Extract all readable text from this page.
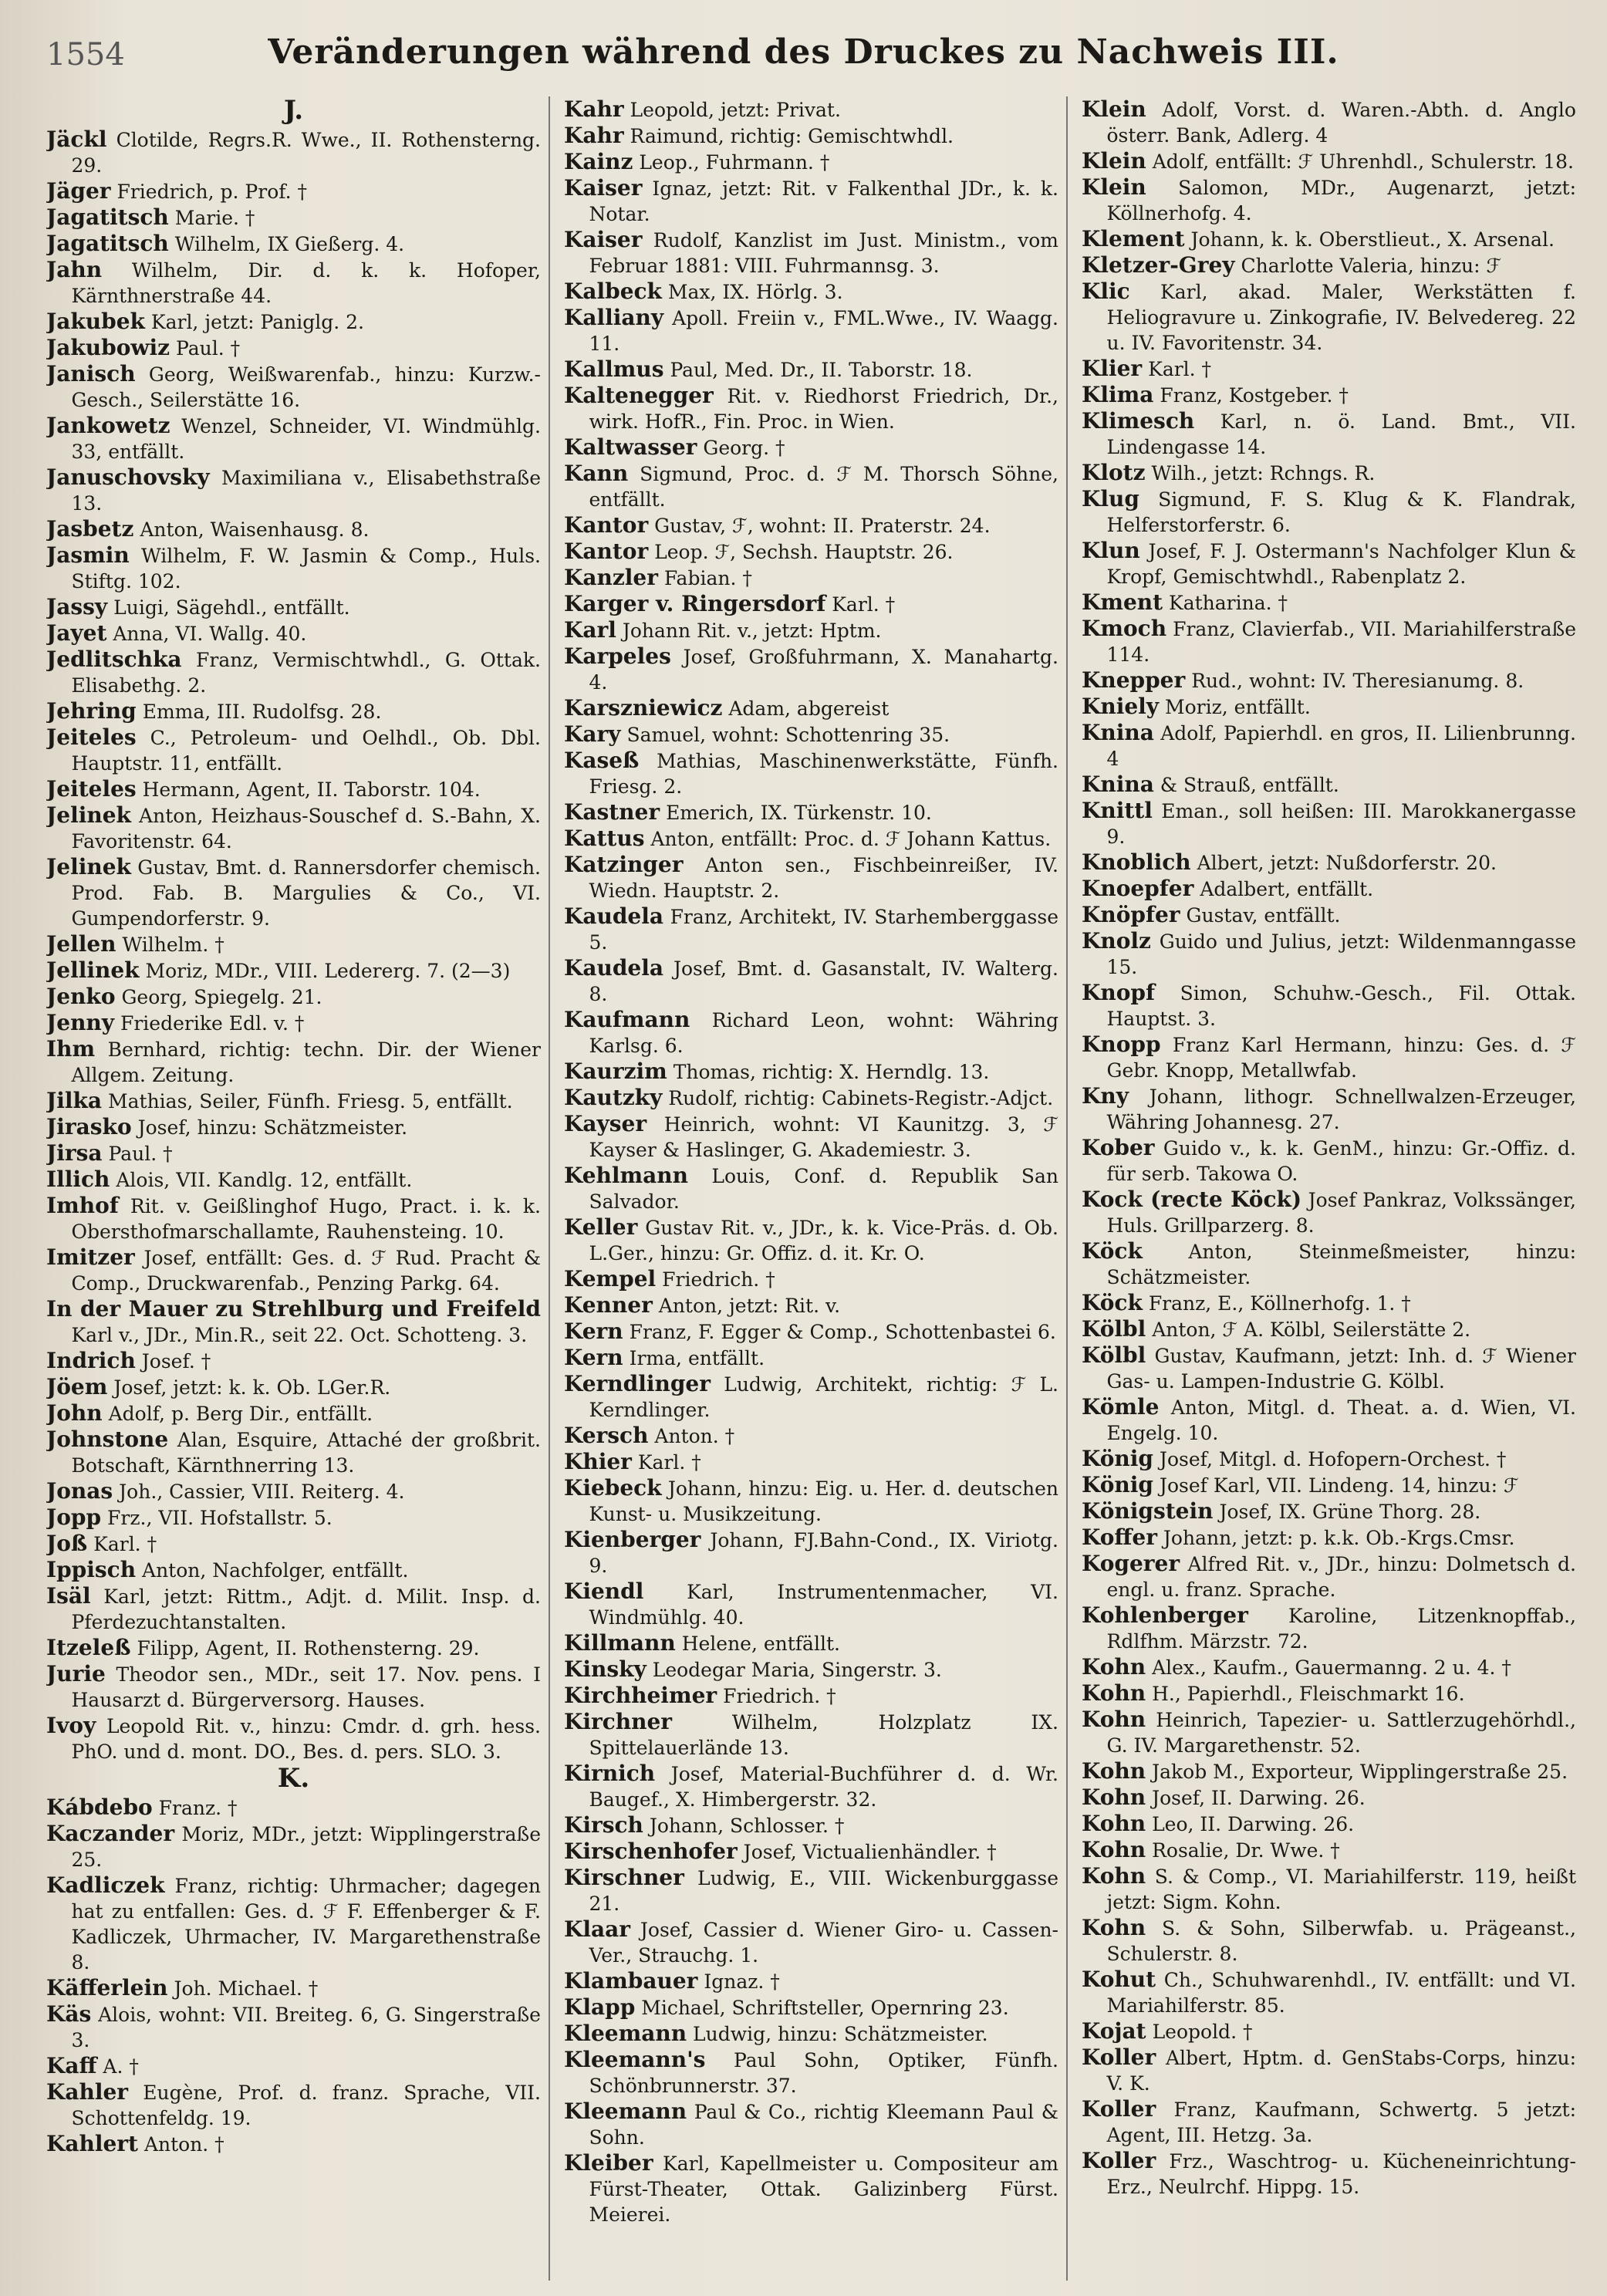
1554	Veränderungen während des Druckes zu Nachweis III.
J.
Jäckl Clotilde, Regrs.R. Wwe., II. Rothensterng. 29.
Jäger Friedrich, p. Prof. †
Jagatitsch Marie. †
Jagatitsch Wilhelm, IX Gießerg. 4.
Jahn Wilhelm, Dir. d. k. k. Hofoper, Kärnthnerstraße 44.
Jakubek Karl, jetzt: Paniglg. 2.
Jakubowiz Paul. †
Janisch Georg, Weißwarenfab., hinzu: Kurzw.-Gesch., Seilerstätte 16.
Jankowetz Wenzel, Schneider, VI. Windmühlg. 33, entfällt.
Januschovsky Maximiliana v., Elisabethstraße 13.
Jasbetz Anton, Waisenhausg. 8.
Jasmin Wilhelm, F. W. Jasmin & Comp., Huls. Stiftg. 102.
Jassy Luigi, Sägehdl., entfällt.
Jayet Anna, VI. Wallg. 40.
Jedlitschka Franz, Vermischtwhdl., G. Ottak. Elisabethg. 2.
Jehring Emma, III. Rudolfsg. 28.
Jeiteles C., Petroleum- und Oelhdl., Ob. Dbl. Hauptstr. 11, entfällt.
Jeiteles Hermann, Agent, II. Taborstr. 104.
Jelinek Anton, Heizhaus-Souschef d. S.-Bahn, X. Favoritenstr. 64.
Jelinek Gustav, Bmt. d. Rannersdorfer chemisch. Prod. Fab. B. Margulies & Co., VI. Gumpendorferstr. 9.
Jellen Wilhelm. †
Jellinek Moriz, MDr., VIII. Ledererg. 7. (2—3)
Jenko Georg, Spiegelg. 21.
Jenny Friederike Edl. v. †
Ihm Bernhard, richtig: techn. Dir. der Wiener Allgem. Zeitung.
Jilka Mathias, Seiler, Fünfh. Friesg. 5, entfällt.
Jirasko Josef, hinzu: Schätzmeister.
Jirsa Paul. †
Illich Alois, VII. Kandlg. 12, entfällt.
Imhof Rit. v. Geißlinghof Hugo, Pract. i. k. k. Obersthofmarschallamte, Rauhensteing. 10.
Imitzer Josef, entfällt: Ges. d. ℱ Rud. Pracht & Comp., Druckwarenfab., Penzing Parkg. 64.
In der Mauer zu Strehlburg und Freifeld Karl v., JDr., Min.R., seit 22. Oct. Schotteng. 3.
Indrich Josef. †
Jöem Josef, jetzt: k. k. Ob. LGer.R.
John Adolf, p. Berg Dir., entfällt.
Johnstone Alan, Esquire, Attaché der großbrit. Botschaft, Kärnthnerring 13.
Jonas Joh., Cassier, VIII. Reiterg. 4.
Jopp Frz., VII. Hofstallstr. 5.
Joß Karl. †
Ippisch Anton, Nachfolger, entfällt.
Isäl Karl, jetzt: Rittm., Adjt. d. Milit. Insp. d. Pferdezuchtanstalten.
Itzeleß Filipp, Agent, II. Rothensterng. 29.
Jurie Theodor sen., MDr., seit 17. Nov. pens. I Hausarzt d. Bürgerversorg. Hauses.
Ivoy Leopold Rit. v., hinzu: Cmdr. d. grh. hess. PhO. und d. mont. DO., Bes. d. pers. SLO. 3.
K.
Kábdebo Franz. †
Kaczander Moriz, MDr., jetzt: Wipplingerstraße 25.
Kadliczek Franz, richtig: Uhrmacher; dagegen hat zu entfallen: Ges. d. ℱ F. Effenberger & F. Kadliczek, Uhrmacher, IV. Margarethenstraße 8.
Käfferlein Joh. Michael. †
Käs Alois, wohnt: VII. Breiteg. 6, G. Singerstraße 3.
Kaff A. †
Kahler Eugène, Prof. d. franz. Sprache, VII. Schottenfeldg. 19.
Kahlert Anton. †
Kahr Leopold, jetzt: Privat.
Kahr Raimund, richtig: Gemischtwhdl.
Kainz Leop., Fuhrmann. †
Kaiser Ignaz, jetzt: Rit. v Falkenthal JDr., k. k. Notar.
Kaiser Rudolf, Kanzlist im Just. Ministm., vom Februar 1881: VIII. Fuhrmannsg. 3.
Kalbeck Max, IX. Hörlg. 3.
Kalliany Apoll. Freiin v., FML.Wwe., IV. Waagg. 11.
Kallmus Paul, Med. Dr., II. Taborstr. 18.
Kaltenegger Rit. v. Riedhorst Friedrich, Dr., wirk. HofR., Fin. Proc. in Wien.
Kaltwasser Georg. †
Kann Sigmund, Proc. d. ℱ M. Thorsch Söhne, entfällt.
Kantor Gustav, ℱ, wohnt: II. Praterstr. 24.
Kantor Leop. ℱ, Sechsh. Hauptstr. 26.
Kanzler Fabian. †
Karger v. Ringersdorf Karl. †
Karl Johann Rit. v., jetzt: Hptm.
Karpeles Josef, Großfuhrmann, X. Manahartg. 4.
Karszniewicz Adam, abgereist
Kary Samuel, wohnt: Schottenring 35.
Kaseß Mathias, Maschinenwerkstätte, Fünfh. Friesg. 2.
Kastner Emerich, IX. Türkenstr. 10.
Kattus Anton, entfällt: Proc. d. ℱ Johann Kattus.
Katzinger Anton sen., Fischbeinreißer, IV. Wiedn. Hauptstr. 2.
Kaudela Franz, Architekt, IV. Starhemberggasse 5.
Kaudela Josef, Bmt. d. Gasanstalt, IV. Walterg. 8.
Kaufmann Richard Leon, wohnt: Währing Karlsg. 6.
Kaurzim Thomas, richtig: X. Herndlg. 13.
Kautzky Rudolf, richtig: Cabinets-Registr.-Adjct.
Kayser Heinrich, wohnt: VI Kaunitzg. 3, ℱ Kayser & Haslinger, G. Akademiestr. 3.
Kehlmann Louis, Conf. d. Republik San Salvador.
Keller Gustav Rit. v., JDr., k. k. Vice-Präs. d. Ob. L.Ger., hinzu: Gr. Offiz. d. it. Kr. O.
Kempel Friedrich. †
Kenner Anton, jetzt: Rit. v.
Kern Franz, F. Egger & Comp., Schottenbastei 6.
Kern Irma, entfällt.
Kerndlinger Ludwig, Architekt, richtig: ℱ L. Kerndlinger.
Kersch Anton. †
Khier Karl. †
Kiebeck Johann, hinzu: Eig. u. Her. d. deutschen Kunst- u. Musikzeitung.
Kienberger Johann, FJ.Bahn-Cond., IX. Viriotg. 9.
Kiendl Karl, Instrumentenmacher, VI. Windmühlg. 40.
Killmann Helene, entfällt.
Kinsky Leodegar Maria, Singerstr. 3.
Kirchheimer Friedrich. †
Kirchner	Wilhelm, Holzplatz IX. Spittelauerlände 13.
Kirnich Josef, Material-Buchführer d. d. Wr. Baugef., X. Himbergerstr. 32.
Kirsch Johann, Schlosser. †
Kirschenhofer Josef, Victualienhändler. †
Kirschner Ludwig, E., VIII. Wickenburggasse 21.
Klaar Josef, Cassier d. Wiener Giro- u. Cassen-Ver., Strauchg. 1.
Klambauer Ignaz. †
Klapp Michael, Schriftsteller, Opernring 23.
Kleemann Ludwig, hinzu: Schätzmeister.
Kleemann's Paul Sohn, Optiker, Fünfh. Schönbrunnerstr. 37.
Kleemann Paul & Co., richtig Kleemann Paul & Sohn.
Kleiber Karl, Kapellmeister u. Compositeur am Fürst-Theater, Ottak. Galizinberg Fürst. Meierei.
Klein Adolf, Vorst. d. Waren.-Abth. d. Anglo österr. Bank, Adlerg. 4
Klein Adolf, entfällt: ℱ Uhrenhdl., Schulerstr. 18.
Klein Salomon, MDr., Augenarzt, jetzt: Köllnerhofg. 4.
Klement Johann, k. k. Oberstlieut., X. Arsenal.
Kletzer-Grey Charlotte Valeria, hinzu: ℱ
Klic Karl, akad. Maler, Werkstätten f. Heliogravure u. Zinkografie, IV. Belvedereg. 22 u. IV. Favoritenstr. 34.
Klier Karl. †
Klima Franz, Kostgeber. †
Klimesch Karl, n. ö. Land. Bmt., VII. Lindengasse 14.
Klotz Wilh., jetzt: Rchngs. R.
Klug Sigmund, F. S. Klug & K. Flandrak, Helferstorferstr. 6.
Klun Josef, F. J. Ostermann's Nachfolger Klun & Kropf, Gemischtwhdl., Rabenplatz 2.
Kment Katharina. †
Kmoch Franz, Clavierfab., VII. Mariahilferstraße 114.
Knepper Rud., wohnt: IV. Theresianumg. 8.
Kniely Moriz, entfällt.
Knina Adolf, Papierhdl. en gros, II. Lilienbrunng. 4
Knina & Strauß, entfällt.
Knittl Eman., soll heißen: III. Marokkanergasse 9.
Knoblich Albert, jetzt: Nußdorferstr. 20.
Knoepfer Adalbert, entfällt.
Knöpfer Gustav, entfällt.
Knolz Guido und Julius, jetzt: Wildenmanngasse 15.
Knopf Simon, Schuhw.-Gesch., Fil. Ottak. Hauptst. 3.
Knopp Franz Karl Hermann, hinzu: Ges. d. ℱ Gebr. Knopp, Metallwfab.
Kny Johann, lithogr. Schnellwalzen-Erzeuger, Währing Johannesg. 27.
Kober Guido v., k. k. GenM., hinzu: Gr.-Offiz. d. für serb. Takowa O.
Kock (recte Köck) Josef Pankraz, Volkssänger, Huls. Grillparzerg. 8.
Köck Anton, Steinmeßmeister, hinzu: Schätzmeister.
Köck Franz, E., Köllnerhofg. 1. †
Kölbl Anton, ℱ A. Kölbl, Seilerstätte 2.
Kölbl Gustav, Kaufmann, jetzt: Inh. d. ℱ Wiener Gas- u. Lampen-Industrie G. Kölbl.
Kömle Anton, Mitgl. d. Theat. a. d. Wien, VI. Engelg. 10.
König Josef, Mitgl. d. Hofopern-Orchest. †
König Josef Karl, VII. Lindeng. 14, hinzu: ℱ
Königstein Josef, IX. Grüne Thorg. 28.
Koffer Johann, jetzt: p. k.k. Ob.-Krgs.Cmsr.
Kogerer Alfred Rit. v., JDr., hinzu: Dolmetsch d. engl. u. franz. Sprache.
Kohlenberger Karoline, Litzenknopffab., Rdlfhm. Märzstr. 72.
Kohn Alex., Kaufm., Gauermanng. 2 u. 4. †
Kohn H., Papierhdl., Fleischmarkt 16.
Kohn Heinrich, Tapezier- u. Sattlerzugehörhdl., G. IV. Margarethenstr. 52.
Kohn Jakob M., Exporteur, Wipplingerstraße 25.
Kohn Josef, II. Darwing. 26.
Kohn Leo, II. Darwing. 26.
Kohn Rosalie, Dr. Wwe. †
Kohn S. & Comp., VI. Mariahilferstr. 119, heißt jetzt: Sigm. Kohn.
Kohn S. & Sohn, Silberwfab. u. Prägeanst., Schulerstr. 8.
Kohut Ch., Schuhwarenhdl., IV. entfällt: und VI. Mariahilferstr. 85.
Kojat Leopold. †
Koller Albert, Hptm. d. GenStabs-Corps, hinzu: V. K.
Koller Franz, Kaufmann, Schwertg. 5 jetzt: Agent, III. Hetzg. 3a.
Koller Frz., Waschtrog- u. Kücheneinrichtung-Erz., Neulrchf. Hippg. 15.
